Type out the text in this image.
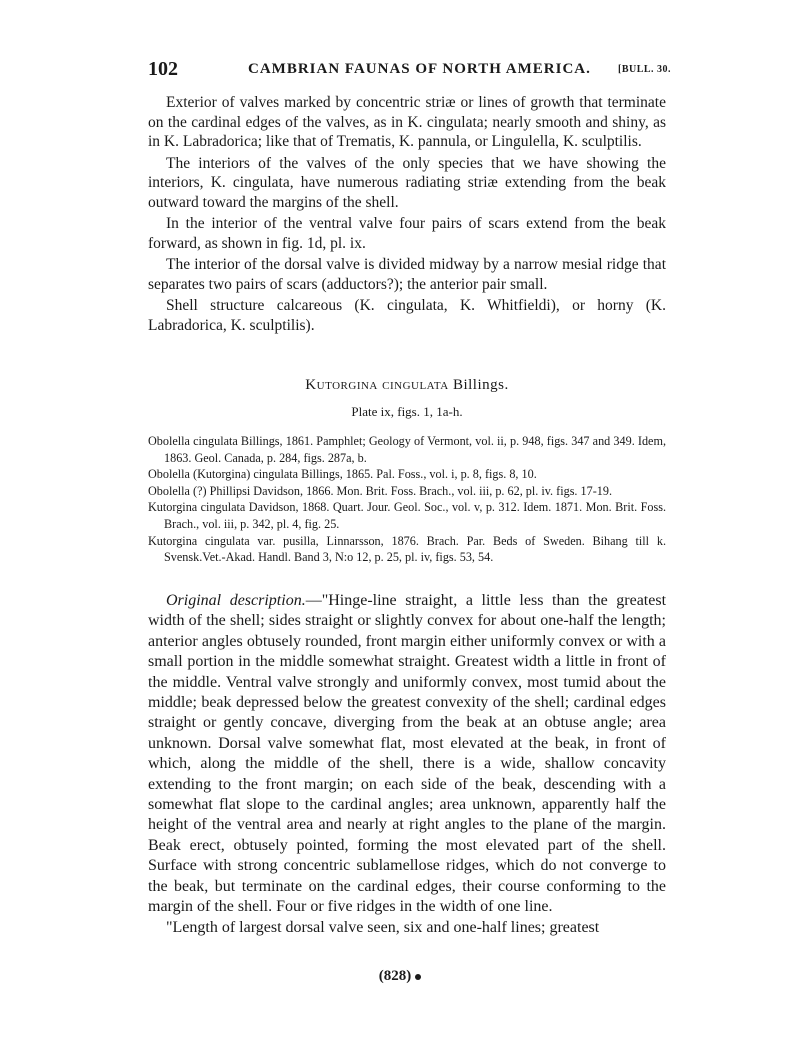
102	CAMBRIAN FAUNAS OF NORTH AMERICA.	[BULL. 30.

Exterior of valves marked by concentric striæ or lines of growth that terminate on the cardinal edges of the valves, as in K. cingulata; nearly smooth and shiny, as in K. Labradorica; like that of Trematis, K. pannula, or Lingulella, K. sculptilis.

The interiors of the valves of the only species that we have showing the interiors, K. cingulata, have numerous radiating striæ extending from the beak outward toward the margins of the shell.

In the interior of the ventral valve four pairs of scars extend from the beak forward, as shown in fig. 1d, pl. ix.

The interior of the dorsal valve is divided midway by a narrow mesial ridge that separates two pairs of scars (adductors?); the anterior pair small.

Shell structure calcareous (K. cingulata, K. Whitfieldi), or horny (K. Labradorica, K. sculptilis).

Kutorgina cingulata Billings.
Plate ix, figs. 1, 1a-h.

Obolella cingulata Billings, 1861. Pamphlet; Geology of Vermont, vol. ii, p. 948, figs. 347 and 349. Idem, 1863. Geol. Canada, p. 284, figs. 287a, b.

Obolella (Kutorgina) cingulata Billings, 1865. Pal. Foss., vol. i, p. 8, figs. 8, 10.

Obolella (?) Phillipsi Davidson, 1866. Mon. Brit. Foss. Brach., vol. iii, p. 62, pl. iv. figs. 17-19.

Kutorgina cingulata Davidson, 1868. Quart. Jour. Geol. Soc., vol. v, p. 312. Idem. 1871. Mon. Brit. Foss. Brach., vol. iii, p. 342, pl. 4, fig. 25.

Kutorgina cingulata var. pusilla, Linnarsson, 1876. Brach. Par. Beds of Sweden. Bihang till k. Svensk.Vet.-Akad. Handl. Band 3, N:o 12, p. 25, pl. iv, figs. 53, 54.

Original description.—"Hinge-line straight, a little less than the greatest width of the shell; sides straight or slightly convex for about one-half the length; anterior angles obtusely rounded, front margin either uniformly convex or with a small portion in the middle somewhat straight. Greatest width a little in front of the middle. Ventral valve strongly and uniformly convex, most tumid about the middle; beak depressed below the greatest convexity of the shell; cardinal edges straight or gently concave, diverging from the beak at an obtuse angle; area unknown. Dorsal valve somewhat flat, most elevated at the beak, in front of which, along the middle of the shell, there is a wide, shallow concavity extending to the front margin; on each side of the beak, descending with a somewhat flat slope to the cardinal angles; area unknown, apparently half the height of the ventral area and nearly at right angles to the plane of the margin. Beak erect, obtusely pointed, forming the most elevated part of the shell. Surface with strong concentric sublamellose ridges, which do not converge to the beak, but terminate on the cardinal edges, their course conforming to the margin of the shell. Four or five ridges in the width of one line.

"Length of largest dorsal valve seen, six and one-half lines; greatest

(828)
